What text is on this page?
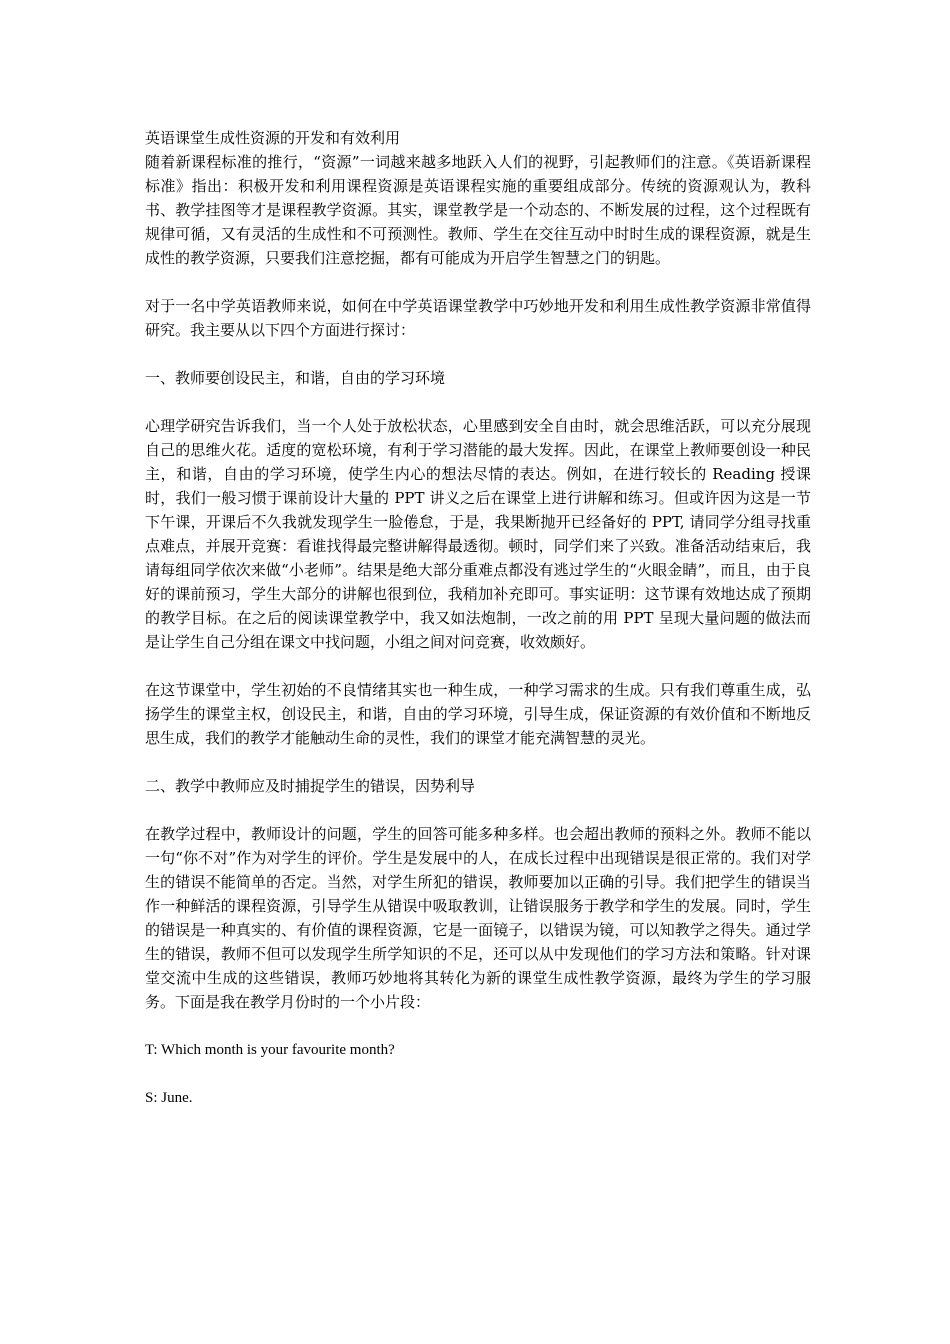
英语课堂生成性资源的开发和有效利用

随着新课程标准的推行，“资源”一词越来越多地跃入人们的视野，引起教师们的注意。《英语新课程标准》指出：积极开发和利用课程资源是英语课程实施的重要组成部分。传统的资源观认为，教科书、教学挂图等才是课程教学资源。其实，课堂教学是一个动态的、不断发展的过程，这个过程既有规律可循，又有灵活的生成性和不可预测性。教师、学生在交往互动中时时生成的课程资源，就是生成性的教学资源，只要我们注意挖掘，都有可能成为开启学生智慧之门的钥匙。

对于一名中学英语教师来说，如何在中学英语课堂教学中巧妙地开发和利用生成性教学资源非常值得研究。我主要从以下四个方面进行探讨：

一、教师要创设民主，和谐，自由的学习环境

心理学研究告诉我们，当一个人处于放松状态，心里感到安全自由时，就会思维活跃，可以充分展现自己的思维火花。适度的宽松环境，有利于学习潜能的最大发挥。因此，在课堂上教师要创设一种民主，和谐，自由的学习环境，使学生内心的想法尽情的表达。例如，在进行较长的 Reading 授课时，我们一般习惯于课前设计大量的 PPT 讲义之后在课堂上进行讲解和练习。但或许因为这是一节下午课，开课后不久我就发现学生一脸倦怠，于是，我果断抛开已经备好的 PPT, 请同学分组寻找重点难点，并展开竞赛：看谁找得最完整讲解得最透彻。顿时，同学们来了兴致。准备活动结束后，我请每组同学依次来做“小老师”。结果是绝大部分重难点都没有逃过学生的“火眼金睛”，而且，由于良好的课前预习，学生大部分的讲解也很到位，我稍加补充即可。事实证明：这节课有效地达成了预期的教学目标。在之后的阅读课堂教学中，我又如法炮制，一改之前的用 PPT 呈现大量问题的做法而是让学生自己分组在课文中找问题，小组之间对问竞赛，收效颇好。

在这节课堂中，学生初始的不良情绪其实也一种生成，一种学习需求的生成。只有我们尊重生成，弘扬学生的课堂主权，创设民主，和谐，自由的学习环境，引导生成，保证资源的有效价值和不断地反思生成，我们的教学才能触动生命的灵性，我们的课堂才能充满智慧的灵光。

二、教学中教师应及时捕捉学生的错误，因势利导

在教学过程中，教师设计的问题，学生的回答可能多种多样。也会超出教师的预料之外。教师不能以一句“你不对”作为对学生的评价。学生是发展中的人，在成长过程中出现错误是很正常的。我们对学生的错误不能简单的否定。当然，对学生所犯的错误，教师要加以正确的引导。我们把学生的错误当作一种鲜活的课程资源，引导学生从错误中吸取教训，让错误服务于教学和学生的发展。同时，学生的错误是一种真实的、有价值的课程资源，它是一面镜子，以错误为镜，可以知教学之得失。通过学生的错误，教师不但可以发现学生所学知识的不足，还可以从中发现他们的学习方法和策略。针对课堂交流中生成的这些错误，教师巧妙地将其转化为新的课堂生成性教学资源，最终为学生的学习服务。下面是我在教学月份时的一个小片段：

T: Which month is your favourite month?

S: June.
